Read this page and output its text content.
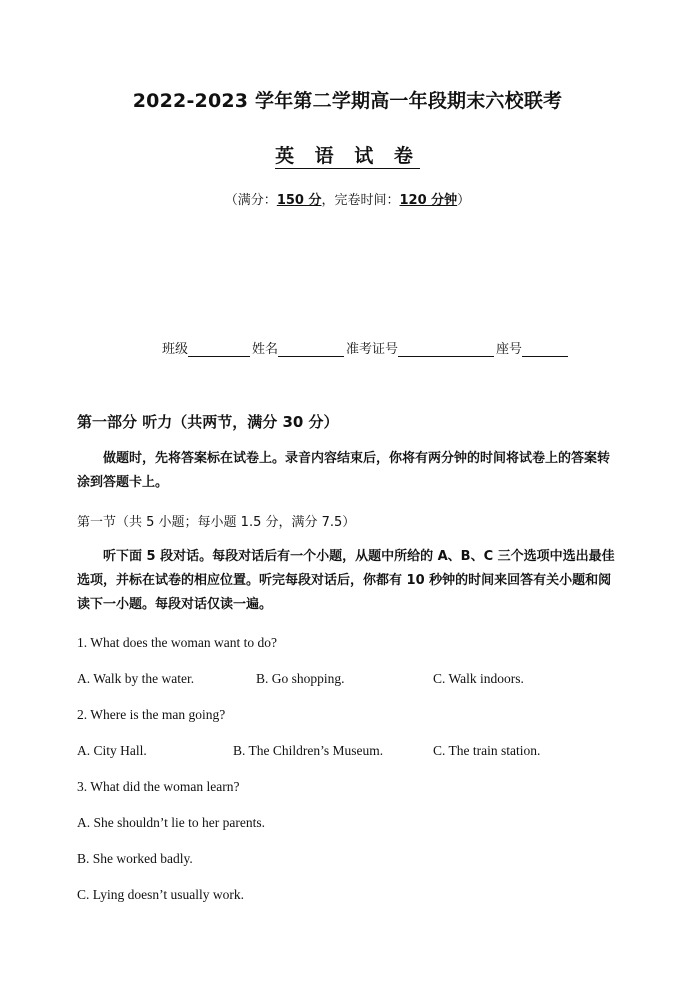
2022-2023 学年第二学期高一年段期末六校联考
英 语 试 卷
（满分：150 分，完卷时间：120 分钟）
班级	姓名	准考证号	座号
第一部分 听力（共两节，满分 30 分）
做题时，先将答案标在试卷上。录音内容结束后，你将有两分钟的时间将试卷上的答案转涂到答题卡上。
第一节（共 5 小题；每小题 1.5 分，满分 7.5）
听下面 5 段对话。每段对话后有一个小题，从题中所给的 A、B、C 三个选项中选出最佳选项，并标在试卷的相应位置。听完每段对话后，你都有 10 秒钟的时间来回答有关小题和阅读下一小题。每段对话仅读一遍。
1. What does the woman want to do?
A. Walk by the water.	B. Go shopping.	C. Walk indoors.
2. Where is the man going?
A. City Hall.	B. The Children’s Museum.	C. The train station.
3. What did the woman learn?
A. She shouldn’t lie to her parents.
B. She worked badly.
C. Lying doesn’t usually work.
